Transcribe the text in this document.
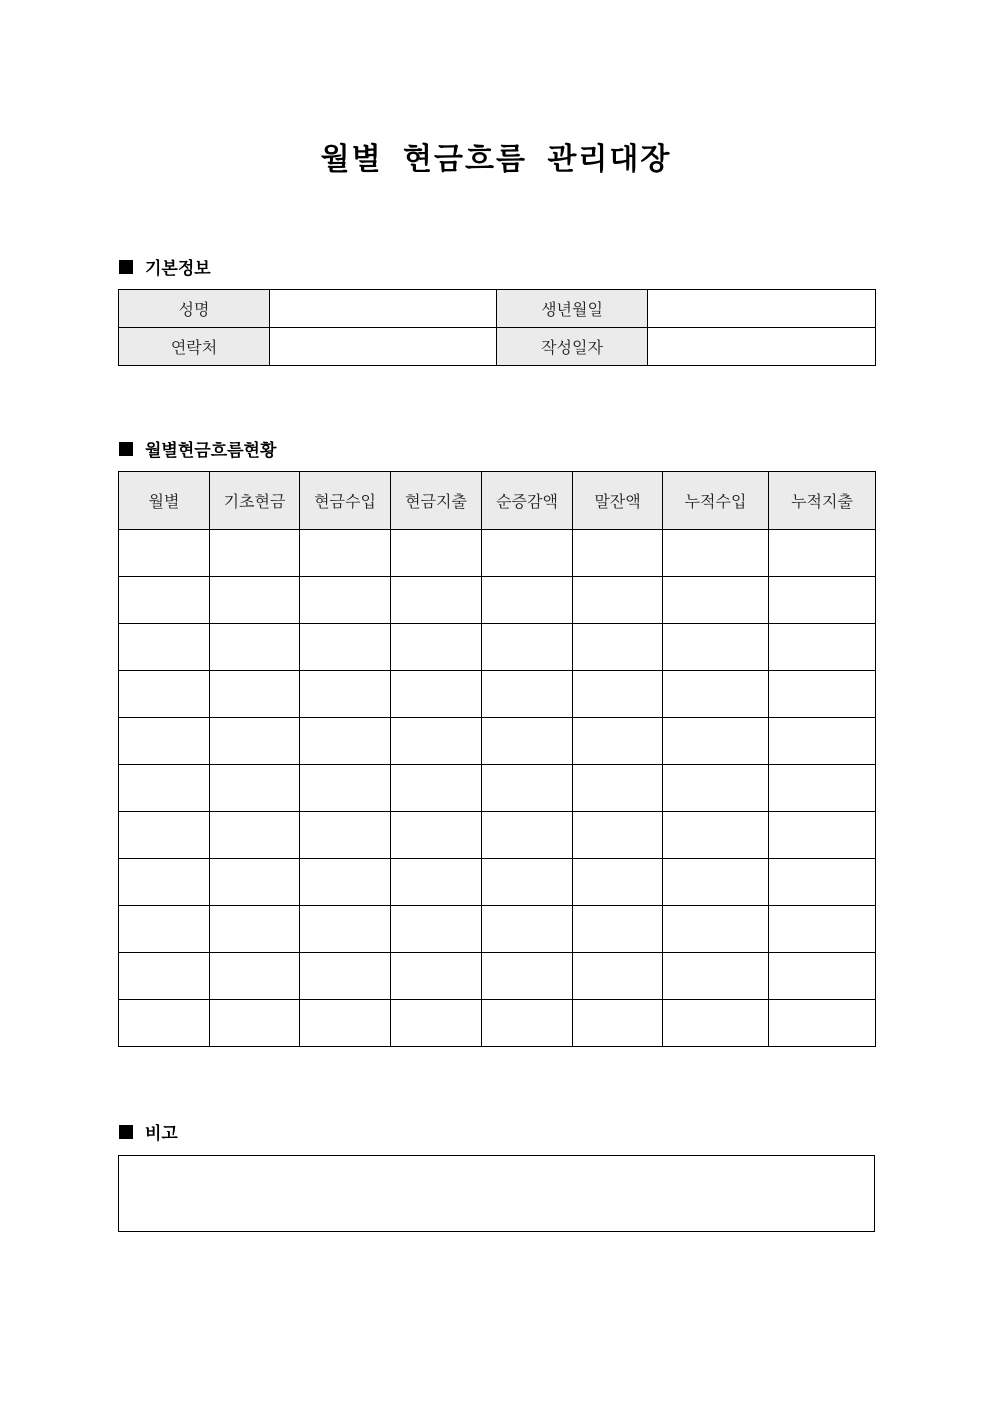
월별 현금흐름 관리대장
기본정보
성명		생년월일	
연락처		작성일자	
월별현금흐름현황
월별	기초현금	현금수입	현금지출	순증감액	말잔액	누적수입	누적지출

비고
